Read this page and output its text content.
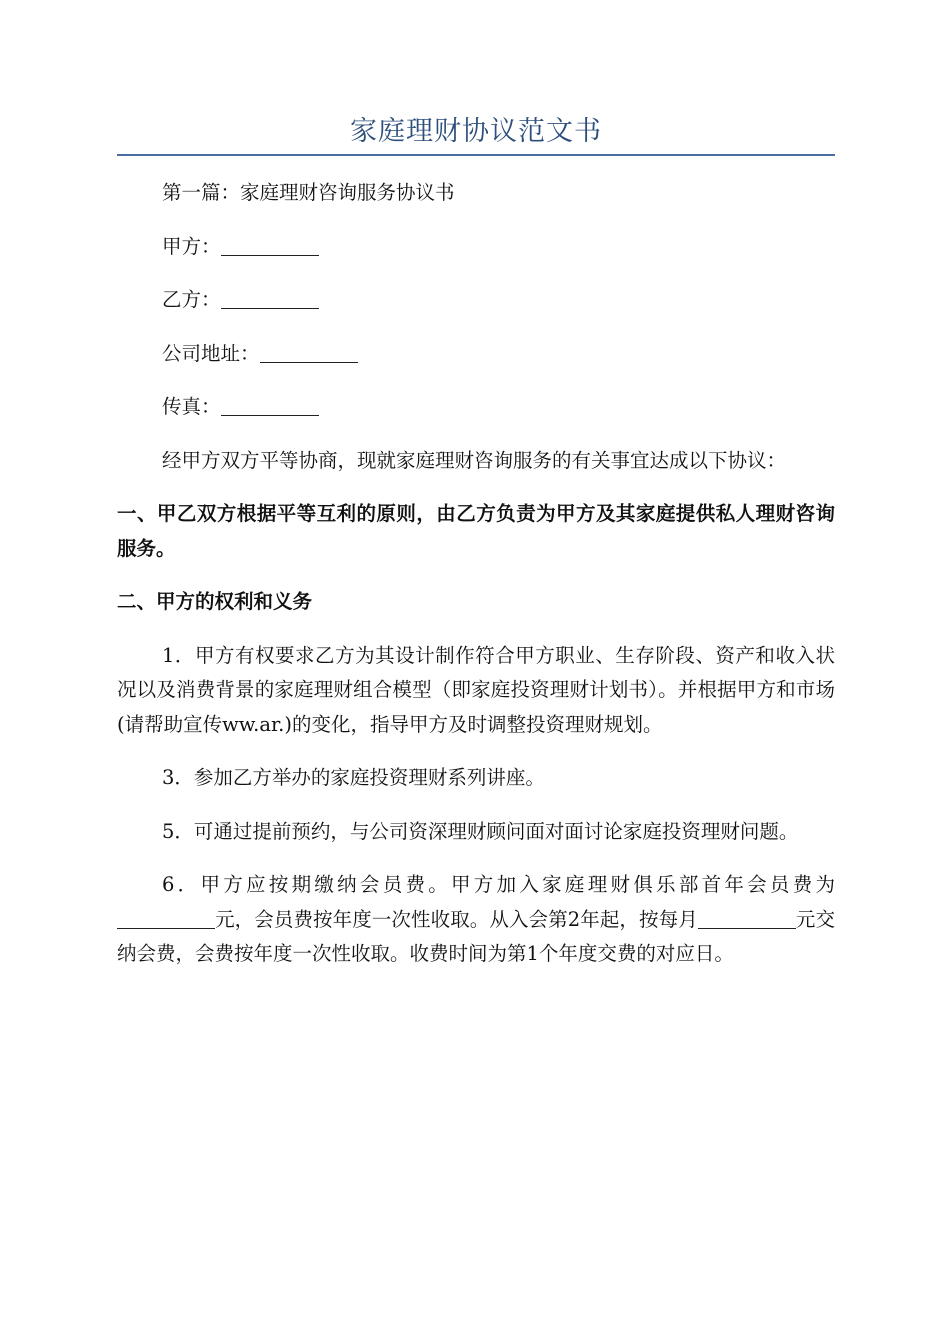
家庭理财协议范文书

第一篇：家庭理财咨询服务协议书

甲方：

乙方：

公司地址：

传真：

经甲方双方平等协商，现就家庭理财咨询服务的有关事宜达成以下协议：

一、甲乙双方根据平等互利的原则，由乙方负责为甲方及其家庭提供私人理财咨询服务。

二、甲方的权利和义务

1．甲方有权要求乙方为其设计制作符合甲方职业、生存阶段、资产和收入状况以及消费背景的家庭理财组合模型（即家庭投资理财计划书）。并根据甲方和市场(请帮助宣传ww.ar.)的变化，指导甲方及时调整投资理财规划。

3．参加乙方举办的家庭投资理财系列讲座。

5．可通过提前预约，与公司资深理财顾问面对面讨论家庭投资理财问题。

6．甲方应按期缴纳会员费。甲方加入家庭理财俱乐部首年会员费为元，会员费按年度一次性收取。从入会第2年起，按每月	元交纳会费，会费按年度一次性收取。收费时间为第1个年度交费的对应日。
